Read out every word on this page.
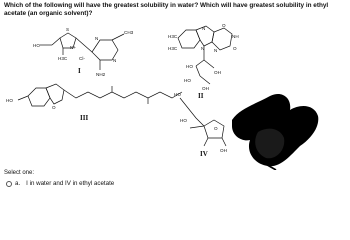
Which of the following will have the greatest solubility in water? Which will have greatest solubility in ethyl acetate (an organic solvent)?
HO
S
N+
H3C	Cl-
N
N
CH3
NH2
H3C
H3C
N
N N
NH
O
O
HO
HO
OH
OH
HO
O
HO
HO
O
OH
I
II
III
IV
Select one:
a. I in water and IV in ethyl acetate
